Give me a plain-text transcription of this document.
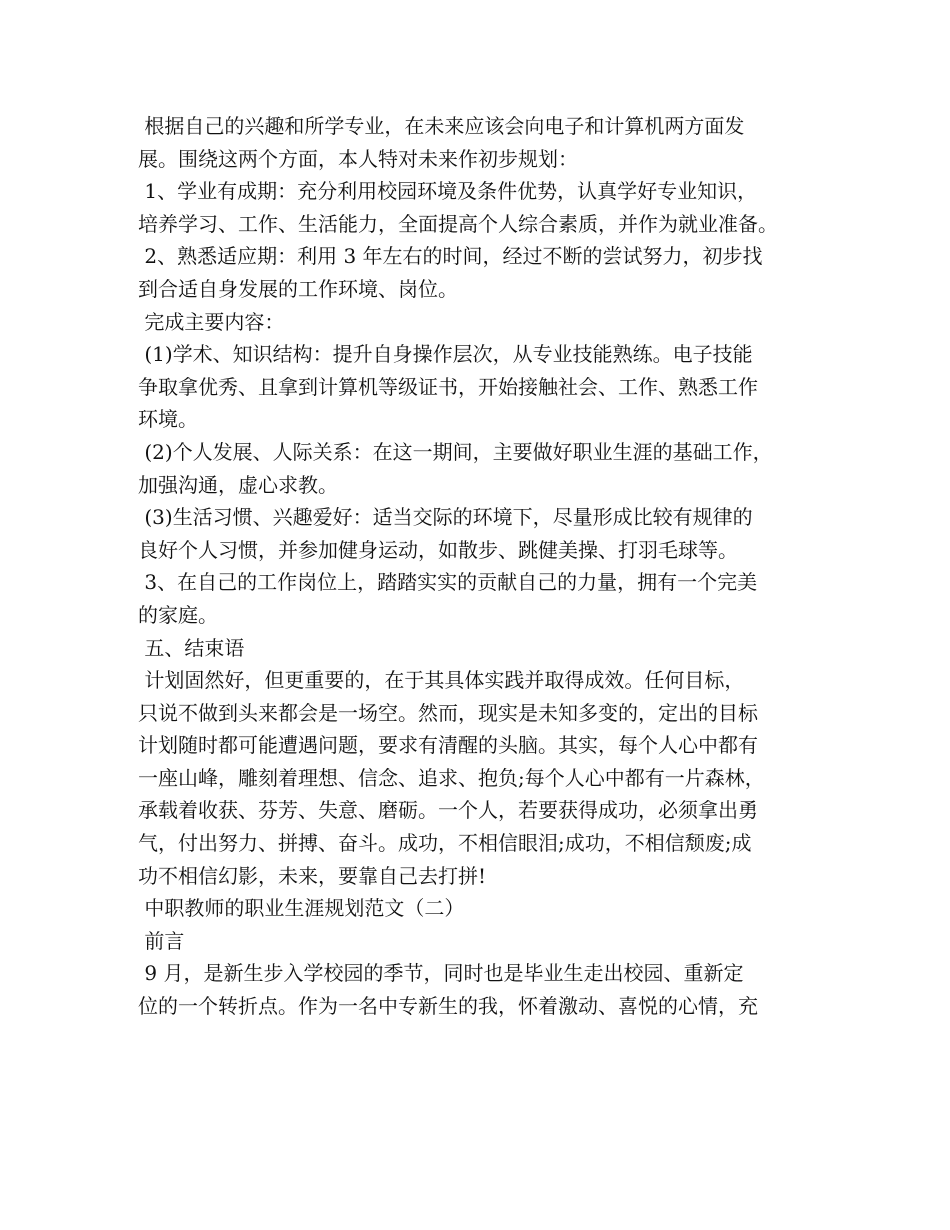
根据自己的兴趣和所学专业，在未来应该会向电子和计算机两方面发

展。围绕这两个方面，本人特对未来作初步规划：

1、学业有成期：充分利用校园环境及条件优势，认真学好专业知识，

培养学习、工作、生活能力，全面提高个人综合素质，并作为就业准备。

2、熟悉适应期：利用 3 年左右的时间，经过不断的尝试努力，初步找

到合适自身发展的工作环境、岗位。

完成主要内容：

(1)学术、知识结构：提升自身操作层次，从专业技能熟练。电子技能

争取拿优秀、且拿到计算机等级证书，开始接触社会、工作、熟悉工作

环境。

(2)个人发展、人际关系：在这一期间，主要做好职业生涯的基础工作，

加强沟通，虚心求教。

(3)生活习惯、兴趣爱好：适当交际的环境下，尽量形成比较有规律的

良好个人习惯，并参加健身运动，如散步、跳健美操、打羽毛球等。

3、在自己的工作岗位上，踏踏实实的贡献自己的力量，拥有一个完美

的家庭。

五、结束语

计划固然好，但更重要的，在于其具体实践并取得成效。任何目标，

只说不做到头来都会是一场空。然而，现实是未知多变的，定出的目标

计划随时都可能遭遇问题，要求有清醒的头脑。其实，每个人心中都有

一座山峰，雕刻着理想、信念、追求、抱负;每个人心中都有一片森林，

承载着收获、芬芳、失意、磨砺。一个人，若要获得成功，必须拿出勇

气，付出努力、拼搏、奋斗。成功，不相信眼泪;成功，不相信颓废;成

功不相信幻影，未来，要靠自己去打拼!

中职教师的职业生涯规划范文（二）

前言

9 月，是新生步入学校园的季节，同时也是毕业生走出校园、重新定

位的一个转折点。作为一名中专新生的我，怀着激动、喜悦的心情，充
